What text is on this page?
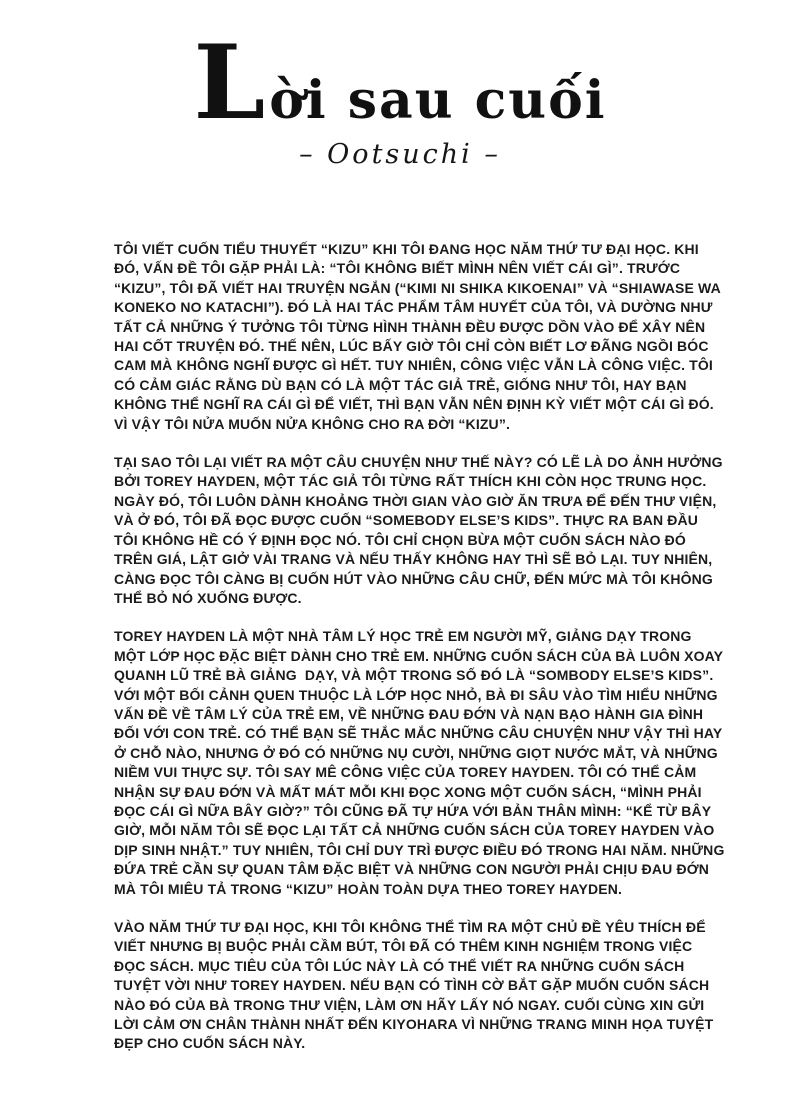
Lời sau cuối
– Ootsuchi –

TÔI VIẾT CUỐN TIỂU THUYẾT “KIZU” KHI TÔI ĐANG HỌC NĂM THỨ TƯ ĐẠI HỌC. KHI
ĐÓ, VẤN ĐỀ TÔI GẶP PHẢI LÀ: “TÔI KHÔNG BIẾT MÌNH NÊN VIẾT CÁI GÌ”. TRƯỚC
“KIZU”, TÔI ĐÃ VIẾT HAI TRUYỆN NGẮN (“KIMI NI SHIKA KIKOENAI” VÀ “SHIAWASE WA
KONEKO NO KATACHI”). ĐÓ LÀ HAI TÁC PHẨM TÂM HUYẾT CỦA TÔI, VÀ DƯỜNG NHƯ
TẤT CẢ NHỮNG Ý TƯỞNG TÔI TỪNG HÌNH THÀNH ĐỀU ĐƯỢC DỒN VÀO ĐỂ XÂY NÊN
HAI CỐT TRUYỆN ĐÓ. THẾ NÊN, LÚC BẤY GIỜ TÔI CHỈ CÒN BIẾT LƠ ĐÃNG NGỒI BÓC
CAM MÀ KHÔNG NGHĨ ĐƯỢC GÌ HẾT. TUY NHIÊN, CÔNG VIỆC VẪN LÀ CÔNG VIỆC. TÔI
CÓ CẢM GIÁC RẰNG DÙ BẠN CÓ LÀ MỘT TÁC GIẢ TRẺ, GIỐNG NHƯ TÔI, HAY BẠN
KHÔNG THỂ NGHĨ RA CÁI GÌ ĐỂ VIẾT, THÌ BẠN VẪN NÊN ĐỊNH KỲ VIẾT MỘT CÁI GÌ ĐÓ.
VÌ VẬY TÔI NỬA MUỐN NỬA KHÔNG CHO RA ĐỜI “KIZU”.

TẠI SAO TÔI LẠI VIẾT RA MỘT CÂU CHUYỆN NHƯ THẾ NÀY? CÓ LẼ LÀ DO ẢNH HƯỞNG
BỞI TOREY HAYDEN, MỘT TÁC GIẢ TÔI TỪNG RẤT THÍCH KHI CÒN HỌC TRUNG HỌC.
NGÀY ĐÓ, TÔI LUÔN DÀNH KHOẢNG THỜI GIAN VÀO GIỜ ĂN TRƯA ĐỂ ĐẾN THƯ VIỆN,
VÀ Ở ĐÓ, TÔI ĐÃ ĐỌC ĐƯỢC CUỐN “SOMEBODY ELSE’S KIDS”. THỰC RA BAN ĐẦU
TÔI KHÔNG HỀ CÓ Ý ĐỊNH ĐỌC NÓ. TÔI CHỈ CHỌN BỪA MỘT CUỐN SÁCH NÀO ĐÓ
TRÊN GIÁ, LẬT GIỞ VÀI TRANG VÀ NẾU THẤY KHÔNG HAY THÌ SẼ BỎ LẠI. TUY NHIÊN,
CÀNG ĐỌC TÔI CÀNG BỊ CUỐN HÚT VÀO NHỮNG CÂU CHỮ, ĐẾN MỨC MÀ TÔI KHÔNG
THỂ BỎ NÓ XUỐNG ĐƯỢC.

TOREY HAYDEN LÀ MỘT NHÀ TÂM LÝ HỌC TRẺ EM NGƯỜI MỸ, GIẢNG DẠY TRONG
MỘT LỚP HỌC ĐẶC BIỆT DÀNH CHO TRẺ EM. NHỮNG CUỐN SÁCH CỦA BÀ LUÔN XOAY
QUANH LŨ TRẺ BÀ GIẢNG  DẠY, VÀ MỘT TRONG SỐ ĐÓ LÀ “SOMBODY ELSE’S KIDS”.
VỚI MỘT BỐI CẢNH QUEN THUỘC LÀ LỚP HỌC NHỎ, BÀ ĐI SÂU VÀO TÌM HIỂU NHỮNG
VẤN ĐỀ VỀ TÂM LÝ CỦA TRẺ EM, VỀ NHỮNG ĐAU ĐỚN VÀ NẠN BẠO HÀNH GIA ĐÌNH
ĐỐI VỚI CON TRẺ. CÓ THỂ BẠN SẼ THẮC MẮC NHỮNG CÂU CHUYỆN NHƯ VẬY THÌ HAY
Ở CHỖ NÀO, NHƯNG Ở ĐÓ CÓ NHỮNG NỤ CƯỜI, NHỮNG GIỌT NƯỚC MẮT, VÀ NHỮNG
NIỀM VUI THỰC SỰ. TÔI SAY MÊ CÔNG VIỆC CỦA TOREY HAYDEN. TÔI CÓ THỂ CẢM
NHẬN SỰ ĐAU ĐỚN VÀ MẤT MÁT MỖI KHI ĐỌC XONG MỘT CUỐN SÁCH, “MÌNH PHẢI
ĐỌC CÁI GÌ NỮA BÂY GIỜ?” TÔI CŨNG ĐÃ TỰ HỨA VỚI BẢN THÂN MÌNH: “KỂ TỪ BÂY
GIỜ, MỖI NĂM TÔI SẼ ĐỌC LẠI TẤT CẢ NHỮNG CUỐN SÁCH CỦA TOREY HAYDEN VÀO
DỊP SINH NHẬT.” TUY NHIÊN, TÔI CHỈ DUY TRÌ ĐƯỢC ĐIỀU ĐÓ TRONG HAI NĂM. NHỮNG
ĐỨA TRẺ CẦN SỰ QUAN TÂM ĐẶC BIỆT VÀ NHỮNG CON NGƯỜI PHẢI CHỊU ĐAU ĐỚN
MÀ TÔI MIÊU TẢ TRONG “KIZU” HOÀN TOÀN DỰA THEO TOREY HAYDEN.

VÀO NĂM THỨ TƯ ĐẠI HỌC, KHI TÔI KHÔNG THỂ TÌM RA MỘT CHỦ ĐỀ YÊU THÍCH ĐỂ
VIẾT NHƯNG BỊ BUỘC PHẢI CẦM BÚT, TÔI ĐÃ CÓ THÊM KINH NGHIỆM TRONG VIỆC
ĐỌC SÁCH. MỤC TIÊU CỦA TÔI LÚC NÀY LÀ CÓ THỂ VIẾT RA NHỮNG CUỐN SÁCH
TUYỆT VỜI NHƯ TOREY HAYDEN. NẾU BẠN CÓ TÌNH CỜ BẮT GẶP MUỐN CUỐN SÁCH
NÀO ĐÓ CỦA BÀ TRONG THƯ VIỆN, LÀM ƠN HÃY LẤY NÓ NGAY. CUỐI CÙNG XIN GỬI
LỜI CẢM ƠN CHÂN THÀNH NHẤT ĐẾN KIYOHARA VÌ NHỮNG TRANG MINH HỌA TUYỆT
ĐẸP CHO CUỐN SÁCH NÀY.
